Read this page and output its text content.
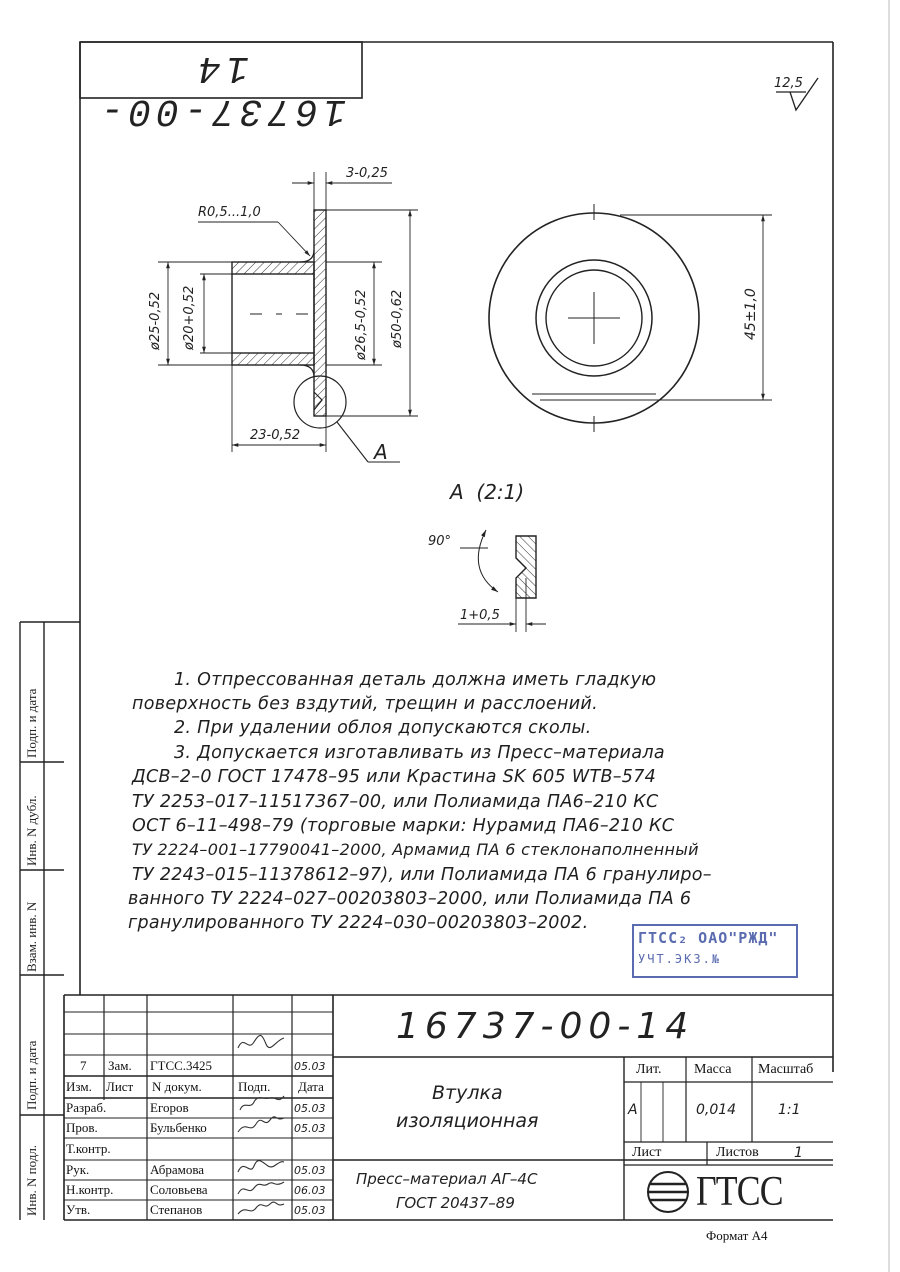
16737-00-14	12,5
3-0,25
R0,5...1,0
ø25-0,52 ø20+0,52	ø26,5-0,52 ø50-0,62
23-0,52
A
45±1,0
A  (2:1)
90°
1+0,5
1. Отпрессованная деталь должна иметь гладкую
поверхность без вздутий, трещин и расслоений.
2. При удалении облоя допускаются сколы.
3. Допускается изготавливать из Пресс–материала
ДСВ–2–0 ГОСТ 17478–95 или Крастина SK 605 WTB–574
ТУ 2253–017–11517367–00, или Полиамида ПА6–210 КС
ОСТ 6–11–498–79 (торговые марки: Нурамид ПА6–210 КС
ТУ 2224–001–17790041–2000, Армамид ПА 6 стеклонаполненный
ТУ 2243–015–11378612–97), или Полиамида ПА 6 гранулиро–
ванного ТУ 2224–027–00203803–2000, или Полиамида ПА 6
гранулированного ТУ 2224–030–00203803–2002.
ГТСС₂ ОАО"РЖД"
УЧТ.ЭКЗ.№
Подп. и дата
Инв. N дубл.
Взам. инв. N
Подп. и дата
Инв. N подл.
16737-00-14
Втулка
изоляционная
Пресс–материал АГ–4С
ГОСТ 20437–89
Лит. Масса Масштаб
А	0,014	1:1
Лист	Листов	1
ГТСС
Формат А4
7 Зам. ГТСС.3425	05.03
Изм. Лист N докум.	Подп. Дата
Разраб.	Егоров	05.03
Пров.	Бульбенко	05.03
Т.контр.
Рук.	Абрамова	05.03
Н.контр.	Соловьева	06.03
Утв.	Степанов	05.03
